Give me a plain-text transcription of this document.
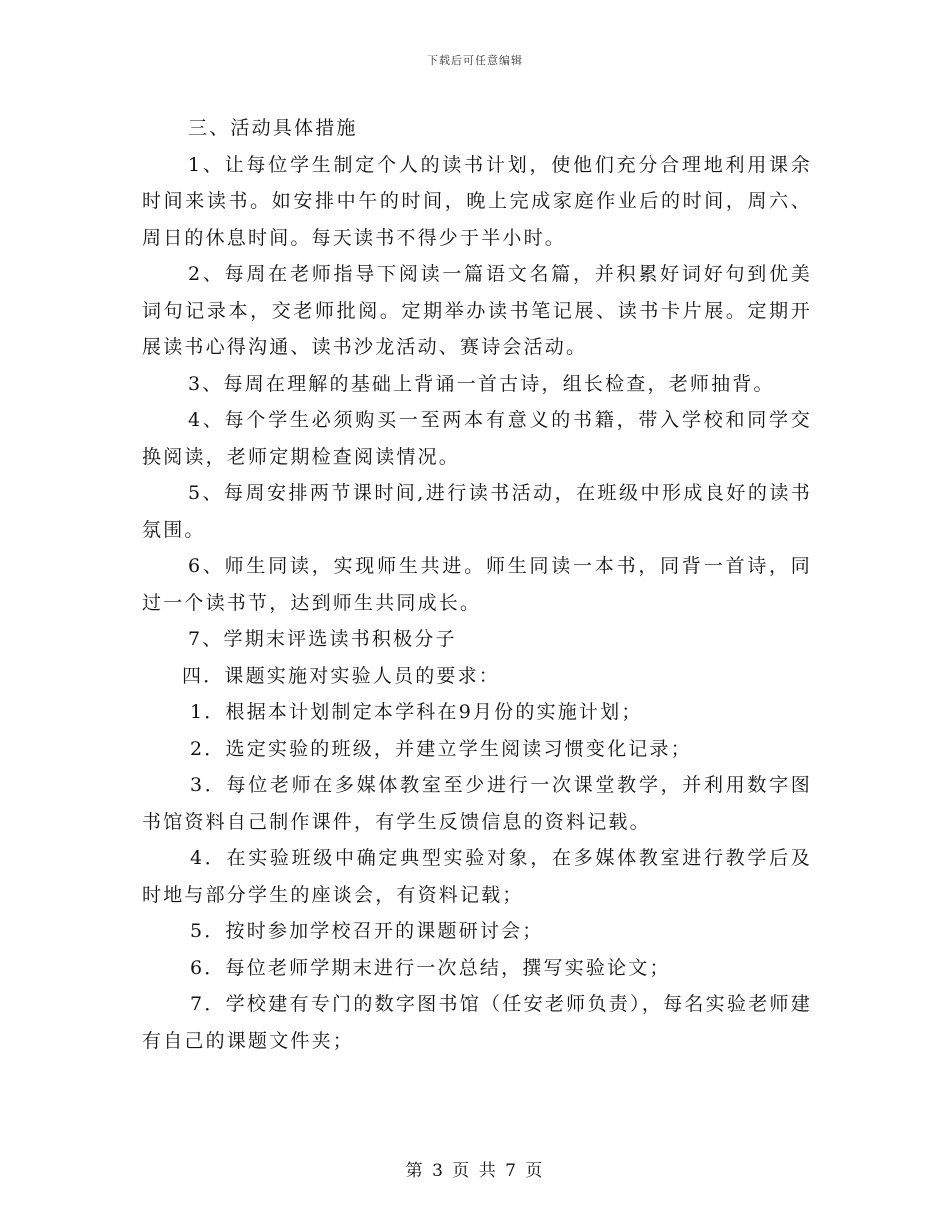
下载后可任意编辑

三、活动具体措施

1、让每位学生制定个人的读书计划，使他们充分合理地利用课余时间来读书。如安排中午的时间，晚上完成家庭作业后的时间，周六、周日的休息时间。每天读书不得少于半小时。

2、每周在老师指导下阅读一篇语文名篇，并积累好词好句到优美词句记录本，交老师批阅。定期举办读书笔记展、读书卡片展。定期开展读书心得沟通、读书沙龙活动、赛诗会活动。

3、每周在理解的基础上背诵一首古诗，组长检查，老师抽背。

4、每个学生必须购买一至两本有意义的书籍，带入学校和同学交换阅读，老师定期检查阅读情况。

5、每周安排两节课时间,进行读书活动，在班级中形成良好的读书氛围。

6、师生同读，实现师生共进。师生同读一本书，同背一首诗，同过一个读书节，达到师生共同成长。

7、学期末评选读书积极分子

四．课题实施对实验人员的要求：

1．根据本计划制定本学科在9月份的实施计划；

2．选定实验的班级，并建立学生阅读习惯变化记录；

3．每位老师在多媒体教室至少进行一次课堂教学，并利用数字图书馆资料自己制作课件，有学生反馈信息的资料记载。

4．在实验班级中确定典型实验对象，在多媒体教室进行教学后及时地与部分学生的座谈会，有资料记载；

5．按时参加学校召开的课题研讨会；

6．每位老师学期末进行一次总结，撰写实验论文；

7．学校建有专门的数字图书馆（任安老师负责），每名实验老师建有自己的课题文件夹；

第 3 页 共 7 页
